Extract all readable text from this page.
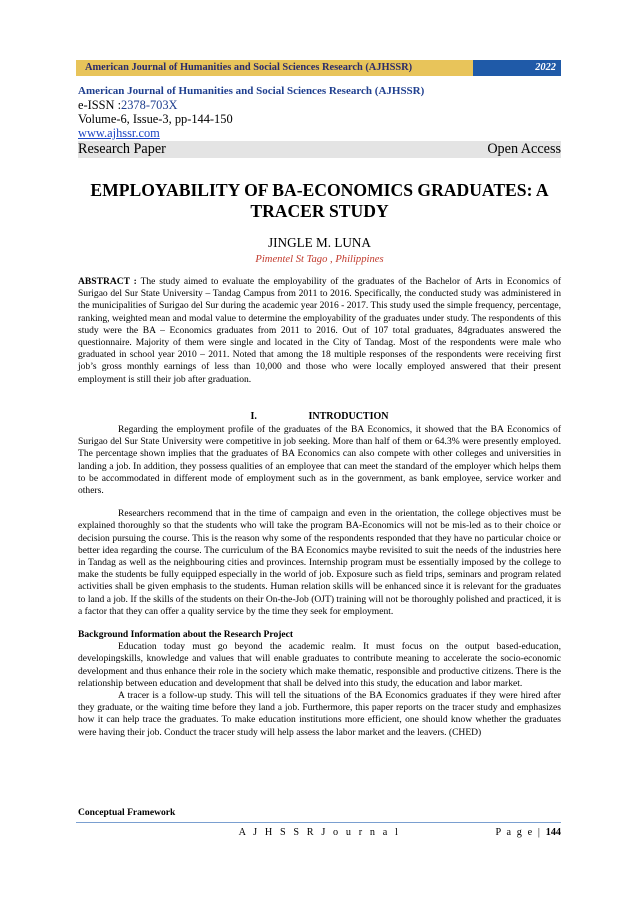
American Journal of Humanities and Social Sciences Research (AJHSSR)	2022
American Journal of Humanities and Social Sciences Research (AJHSSR)
e-ISSN :2378-703X
Volume-6, Issue-3, pp-144-150
www.ajhssr.com
Research Paper	Open Access
EMPLOYABILITY OF BA-ECONOMICS GRADUATES: A TRACER STUDY
JINGLE M. LUNA
Pimentel St Tago , Philippines
ABSTRACT : The study aimed to evaluate the employability of the graduates of the Bachelor of Arts in Economics of Surigao del Sur State University – Tandag Campus from 2011 to 2016. Specifically, the conducted study was administered in the municipalities of Surigao del Sur during the academic year 2016 - 2017. This study used the simple frequency, percentage, ranking, weighted mean and modal value to determine the employability of the graduates under study. The respondents of this study were the BA – Economics graduates from 2011 to 2016. Out of 107 total graduates, 84graduates answered the questionnaire. Majority of them were single and located in the City of Tandag. Most of the respondents were male who graduated in school year 2010 – 2011. Noted that among the 18 multiple responses of the respondents were receiving first job’s gross monthly earnings of less than 10,000 and those who were locally employed answered that their present employment is still their job after graduation.
I.	INTRODUCTION

Regarding the employment profile of the graduates of the BA Economics, it showed that the BA Economics of Surigao del Sur State University were competitive in job seeking. More than half of them or 64.3% were presently employed. The percentage shown implies that the graduates of BA Economics can also compete with other colleges and universities in landing a job. In addition, they possess qualities of an employee that can meet the standard of the employer which helps them to be accommodated in different mode of employment such as in the government, as bank employee, service worker and others.

Researchers recommend that in the time of campaign and even in the orientation, the college objectives must be explained thoroughly so that the students who will take the program BA-Economics will not be mis-led as to their choice or decision pursuing the course. This is the reason why some of the respondents responded that they have no particular choice or better idea regarding the course. The curriculum of the BA Economics maybe revisited to suit the needs of the industries here in Tandag as well as the neighbouring cities and provinces. Internship program must be essentially imposed by the college to make the students be fully equipped especially in the world of job. Exposure such as field trips, seminars and program related activities shall be given emphasis to the students. Human relation skills will be enhanced since it is relevant for the graduates to land a job. If the skills of the students on their On-the-Job (OJT) training will not be thoroughly polished and practiced, it is a factor that they can offer a quality service by the time they seek for employment.

Background Information about the Research Project

Education today must go beyond the academic realm. It must focus on the output based-education, developingskills, knowledge and values that will enable graduates to contribute meaning to accelerate the socio-economic development and thus enhance their role in the society which make thematic, responsible and productive citizens. There is the relationship between education and development that shall be delved into this study, the education and labor market.

A tracer is a follow-up study. This will tell the situations of the BA Economics graduates if they were hired after they graduate, or the waiting time before they land a job. Furthermore, this paper reports on the tracer study and emphasizes how it can help trace the graduates. To make education institutions more efficient, one should know whether the graduates were having their job. Conduct the tracer study will help assess the labor market and the leavers. (CHED)

Conceptual Framework
A J H S S R J o u r n a l	P a g e | 144
